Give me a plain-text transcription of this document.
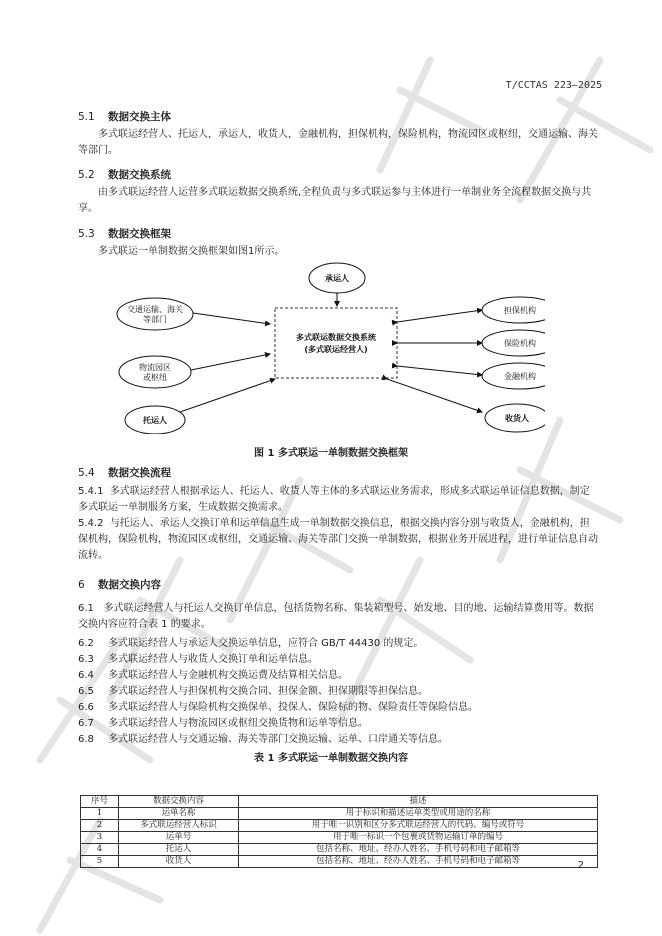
T/CCTAS 223—2025
5.1 数据交换主体
多式联运经营人、托运人，承运人，收货人，金融机构，担保机构，保险机构，物流园区或枢纽，交通运输、海关等部门。
5.2 数据交换系统
由多式联运经营人运营多式联运数据交换系统,全程负责与多式联运参与主体进行一单制业务全流程数据交换与共享。
5.3 数据交换框架
多式联运一单制数据交换框架如图1所示。
多式联运数据交换系统
(多式联运经营人)
承运人
交通运输、海关
等部门
物流园区
或枢纽
托运人
担保机构
保险机构
金融机构
收货人
图 1 多式联运一单制数据交换框架
5.4 数据交换流程
5.4.1 多式联运经营人根据承运人、托运人、收货人等主体的多式联运业务需求，形成多式联运单证信息数据，制定多式联运一单制服务方案，生成数据交换需求。
5.4.2 与托运人、承运人交换订单和运单信息生成一单制数据交换信息，根据交换内容分别与收货人，金融机构，担保机构，保险机构，物流园区或枢纽，交通运输、海关等部门交换一单制数据，根据业务开展进程，进行单证信息自动流转。
6 数据交换内容
6.1 多式联运经营人与托运人交换订单信息，包括货物名称、集装箱型号、始发地、目的地、运输结算费用等。数据交换内容应符合表 1 的要求。
6.2 多式联运经营人与承运人交换运单信息，应符合 GB/T 44430 的规定。
6.3 多式联运经营人与收货人交换订单和运单信息。
6.4 多式联运经营人与金融机构交换运费及结算相关信息。
6.5 多式联运经营人与担保机构交换合同、担保金额、担保期限等担保信息。
6.6 多式联运经营人与保险机构交换保单、投保人、保险标的物、保险责任等保险信息。
6.7 多式联运经营人与物流园区或枢纽交换货物和运单等信息。
6.8 多式联运经营人与交通运输、海关等部门交换运输、运单、口岸通关等信息。
表 1 多式联运一单制数据交换内容
序号	数据交换内容	描述
1	运单名称	用于标识和描述运单类型或用途的名称
2	多式联运经营人标识	用于唯一识别和区分多式联运经营人的代码、编号或符号
3	运单号	用于唯一标识一个包裹或货物运输订单的编号
4	托运人	包括名称、地址、经办人姓名、手机号码和电子邮箱等
5	收货人	包括名称、地址、经办人姓名、手机号码和电子邮箱等	2
